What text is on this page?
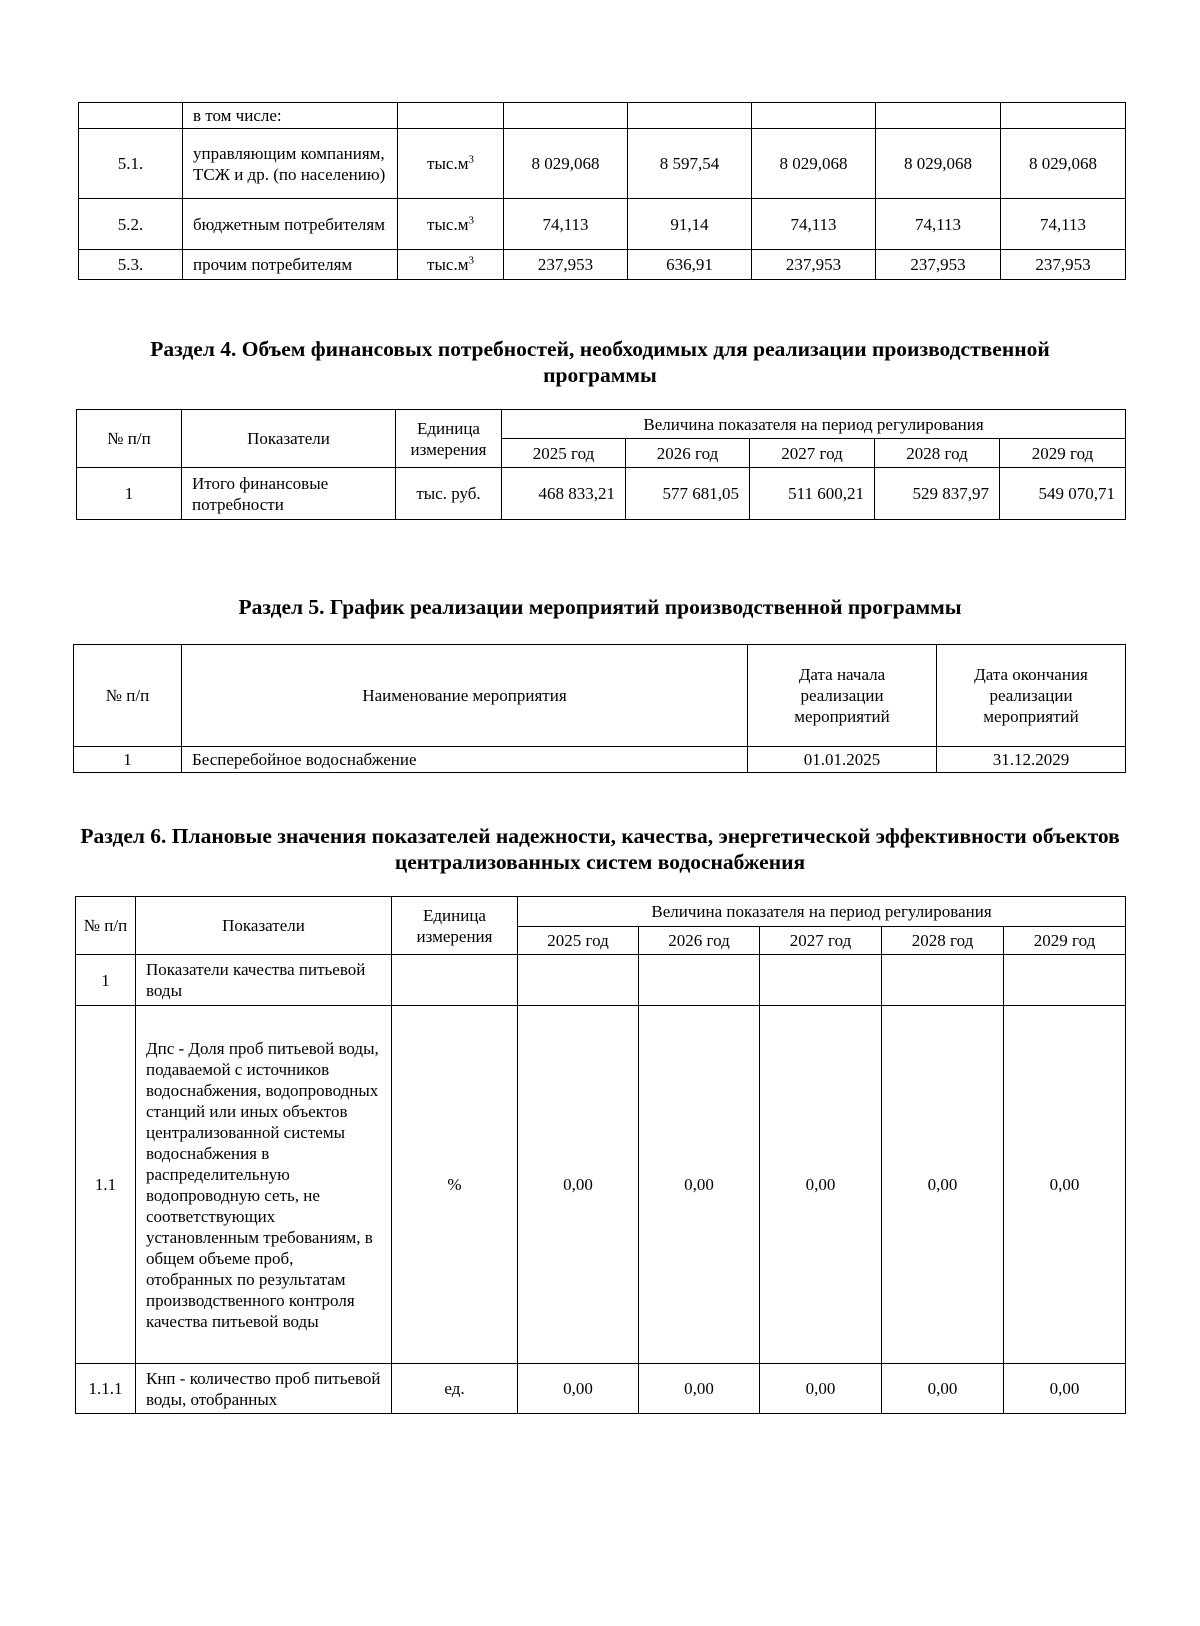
	в том числе:						
5.1.	управляющим компаниям, ТСЖ и др. (по населению)	$тыс.м^3$	8 029,068	8 597,54	8 029,068	8 029,068	8 029,068
5.2.	бюджетным потребителям	$тыс.м^3$	74,113	91,14	74,113	74,113	74,113
5.3.	прочим потребителям	$тыс.м^3$	237,953	636,91	237,953	237,953	237,953
Раздел 4. Объем финансовых потребностей, необходимых для реализации производственной программы
№ п/п	Показатели	Единица измерения	Величина показателя на период регулирования				
			2025 год	2026 год	2027 год	2028 год	2029 год
1	Итого финансовые потребности	тыс. руб.	468 833,21	577 681,05	511 600,21	529 837,97	549 070,71
Раздел 5. График реализации мероприятий производственной программы
№ п/п	Наименование мероприятия	Дата начала реализации мероприятий	Дата окончания реализации мероприятий
1	Бесперебойное водоснабжение	01.01.2025	31.12.2029
Раздел 6. Плановые значения показателей надежности, качества, энергетической эффективности объектов централизованных систем водоснабжения
№ п/п	Показатели	Единица измерения	Величина показателя на период регулирования				
			2025 год	2026 год	2027 год	2028 год	2029 год
1	Показатели качества питьевой воды						
1.1	Дпс - Доля проб питьевой воды, подаваемой с источников водоснабжения, водопроводных станций или иных объектов централизованной системы водоснабжения в распределительную водопроводную сеть, не соответствующих установленным требованиям, в общем объеме проб, отобранных по результатам производственного контроля качества питьевой воды	%	0,00	0,00	0,00	0,00	0,00
1.1.1	Кнп - количество проб питьевой воды, отобранных	ед.	0,00	0,00	0,00	0,00	0,00
